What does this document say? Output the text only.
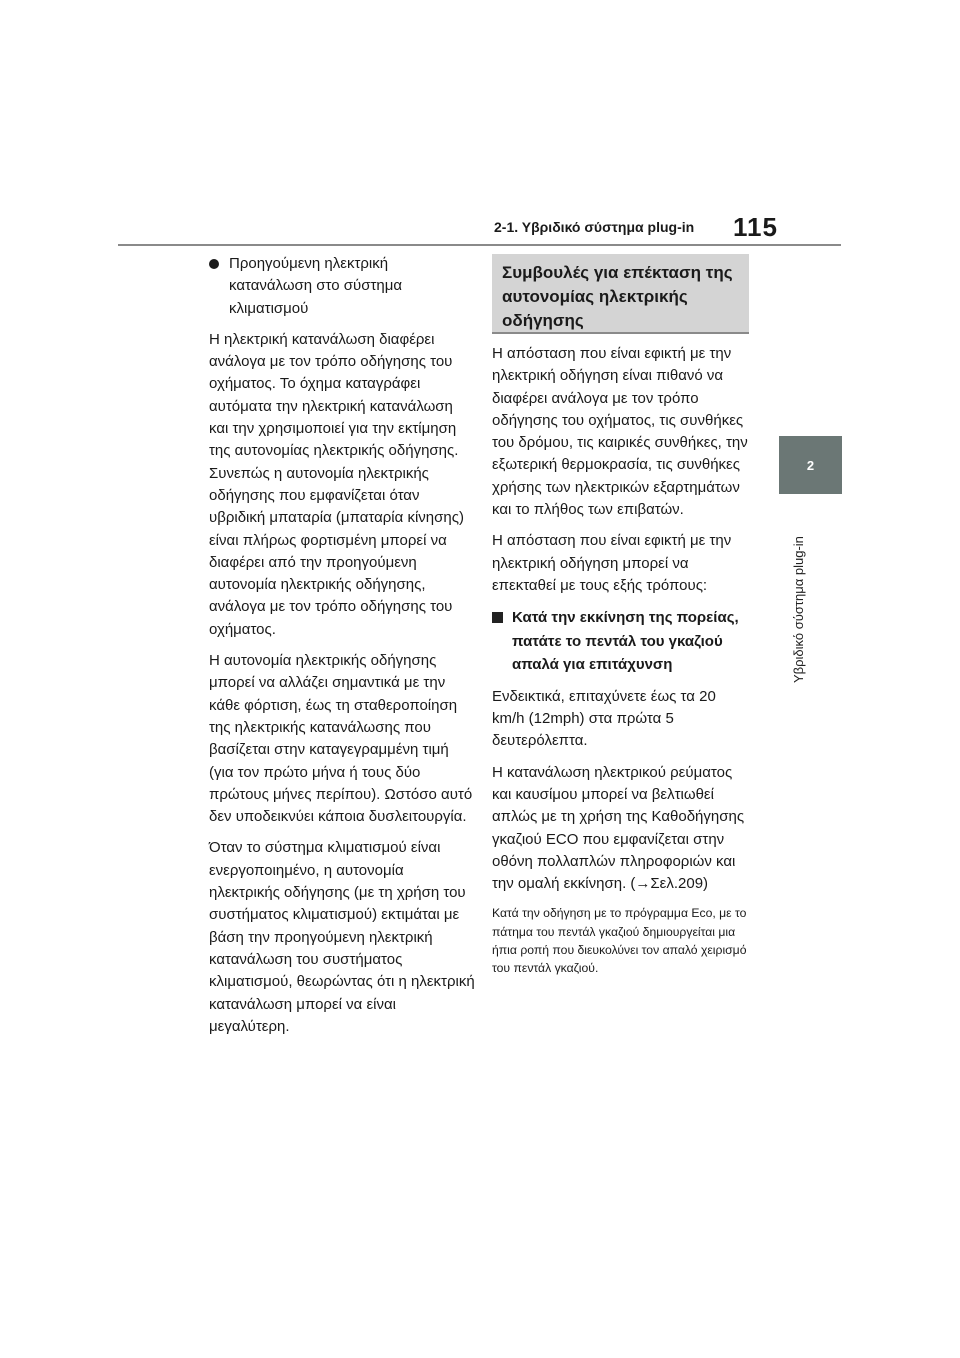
2-1. Υβριδικό σύστημα plug-in 115
2
Υβριδικό σύστημα plug-in

Προηγούμενη ηλεκτρική κατανάλωση στο σύστημα κλιματισμού

Η ηλεκτρική κατανάλωση διαφέρει ανάλογα με τον τρόπο οδήγησης του οχήματος. Το όχημα καταγράφει αυτόματα την ηλεκτρική κατανάλωση και την χρησιμοποιεί για την εκτίμηση της αυτονομίας ηλεκτρικής οδήγησης. Συνεπώς η αυτονομία ηλεκτρικής οδήγησης που εμφανίζεται όταν υβριδική μπαταρία (μπαταρία κίνησης) είναι πλήρως φορτισμένη μπορεί να διαφέρει από την προηγούμενη αυτονομία ηλεκτρικής οδήγησης, ανάλογα με τον τρόπο οδήγησης του οχήματος.

Η αυτονομία ηλεκτρικής οδήγησης μπορεί να αλλάζει σημαντικά με την κάθε φόρτιση, έως τη σταθεροποίηση της ηλεκτρικής κατανάλωσης που βασίζεται στην καταγεγραμμένη τιμή (για τον πρώτο μήνα ή τους δύο πρώτους μήνες περίπου). Ωστόσο αυτό δεν υποδεικνύει κάποια δυσλειτουργία.

Όταν το σύστημα κλιματισμού είναι ενεργοποιημένο, η αυτονομία ηλεκτρικής οδήγησης (με τη χρήση του συστήματος κλιματισμού) εκτιμάται με βάση την προηγούμενη ηλεκτρική κατανάλωση του συστήματος κλιματισμού, θεωρώντας ότι η ηλεκτρική κατανάλωση μπορεί να είναι μεγαλύτερη.

Συμβουλές για επέκταση της αυτονομίας ηλεκτρικής οδήγησης

Η απόσταση που είναι εφικτή με την ηλεκτρική οδήγηση είναι πιθανό να διαφέρει ανάλογα με τον τρόπο οδήγησης του οχήματος, τις συνθήκες του δρόμου, τις καιρικές συνθήκες, την εξωτερική θερμοκρασία, τις συνθήκες χρήσης των ηλεκτρικών εξαρτημάτων και το πλήθος των επιβατών.

Η απόσταση που είναι εφικτή με την ηλεκτρική οδήγηση μπορεί να επεκταθεί με τους εξής τρόπους:

Κατά την εκκίνηση της πορείας, πατάτε το πεντάλ του γκαζιού απαλά για επιτάχυνση

Ενδεικτικά, επιταχύνετε έως τα 20 km/h (12mph) στα πρώτα 5 δευτερόλεπτα.

Η κατανάλωση ηλεκτρικού ρεύματος και καυσίμου μπορεί να βελτιωθεί απλώς με τη χρήση της Καθοδήγησης γκαζιού ECO που εμφανίζεται στην οθόνη πολλαπλών πληροφοριών και την ομαλή εκκίνηση. (→Σελ.209)

Κατά την οδήγηση με το πρόγραμμα Eco, με το πάτημα του πεντάλ γκαζιού δημιουργείται μια ήπια ροπή που διευκολύνει τον απαλό χειρισμό του πεντάλ γκαζιού.
